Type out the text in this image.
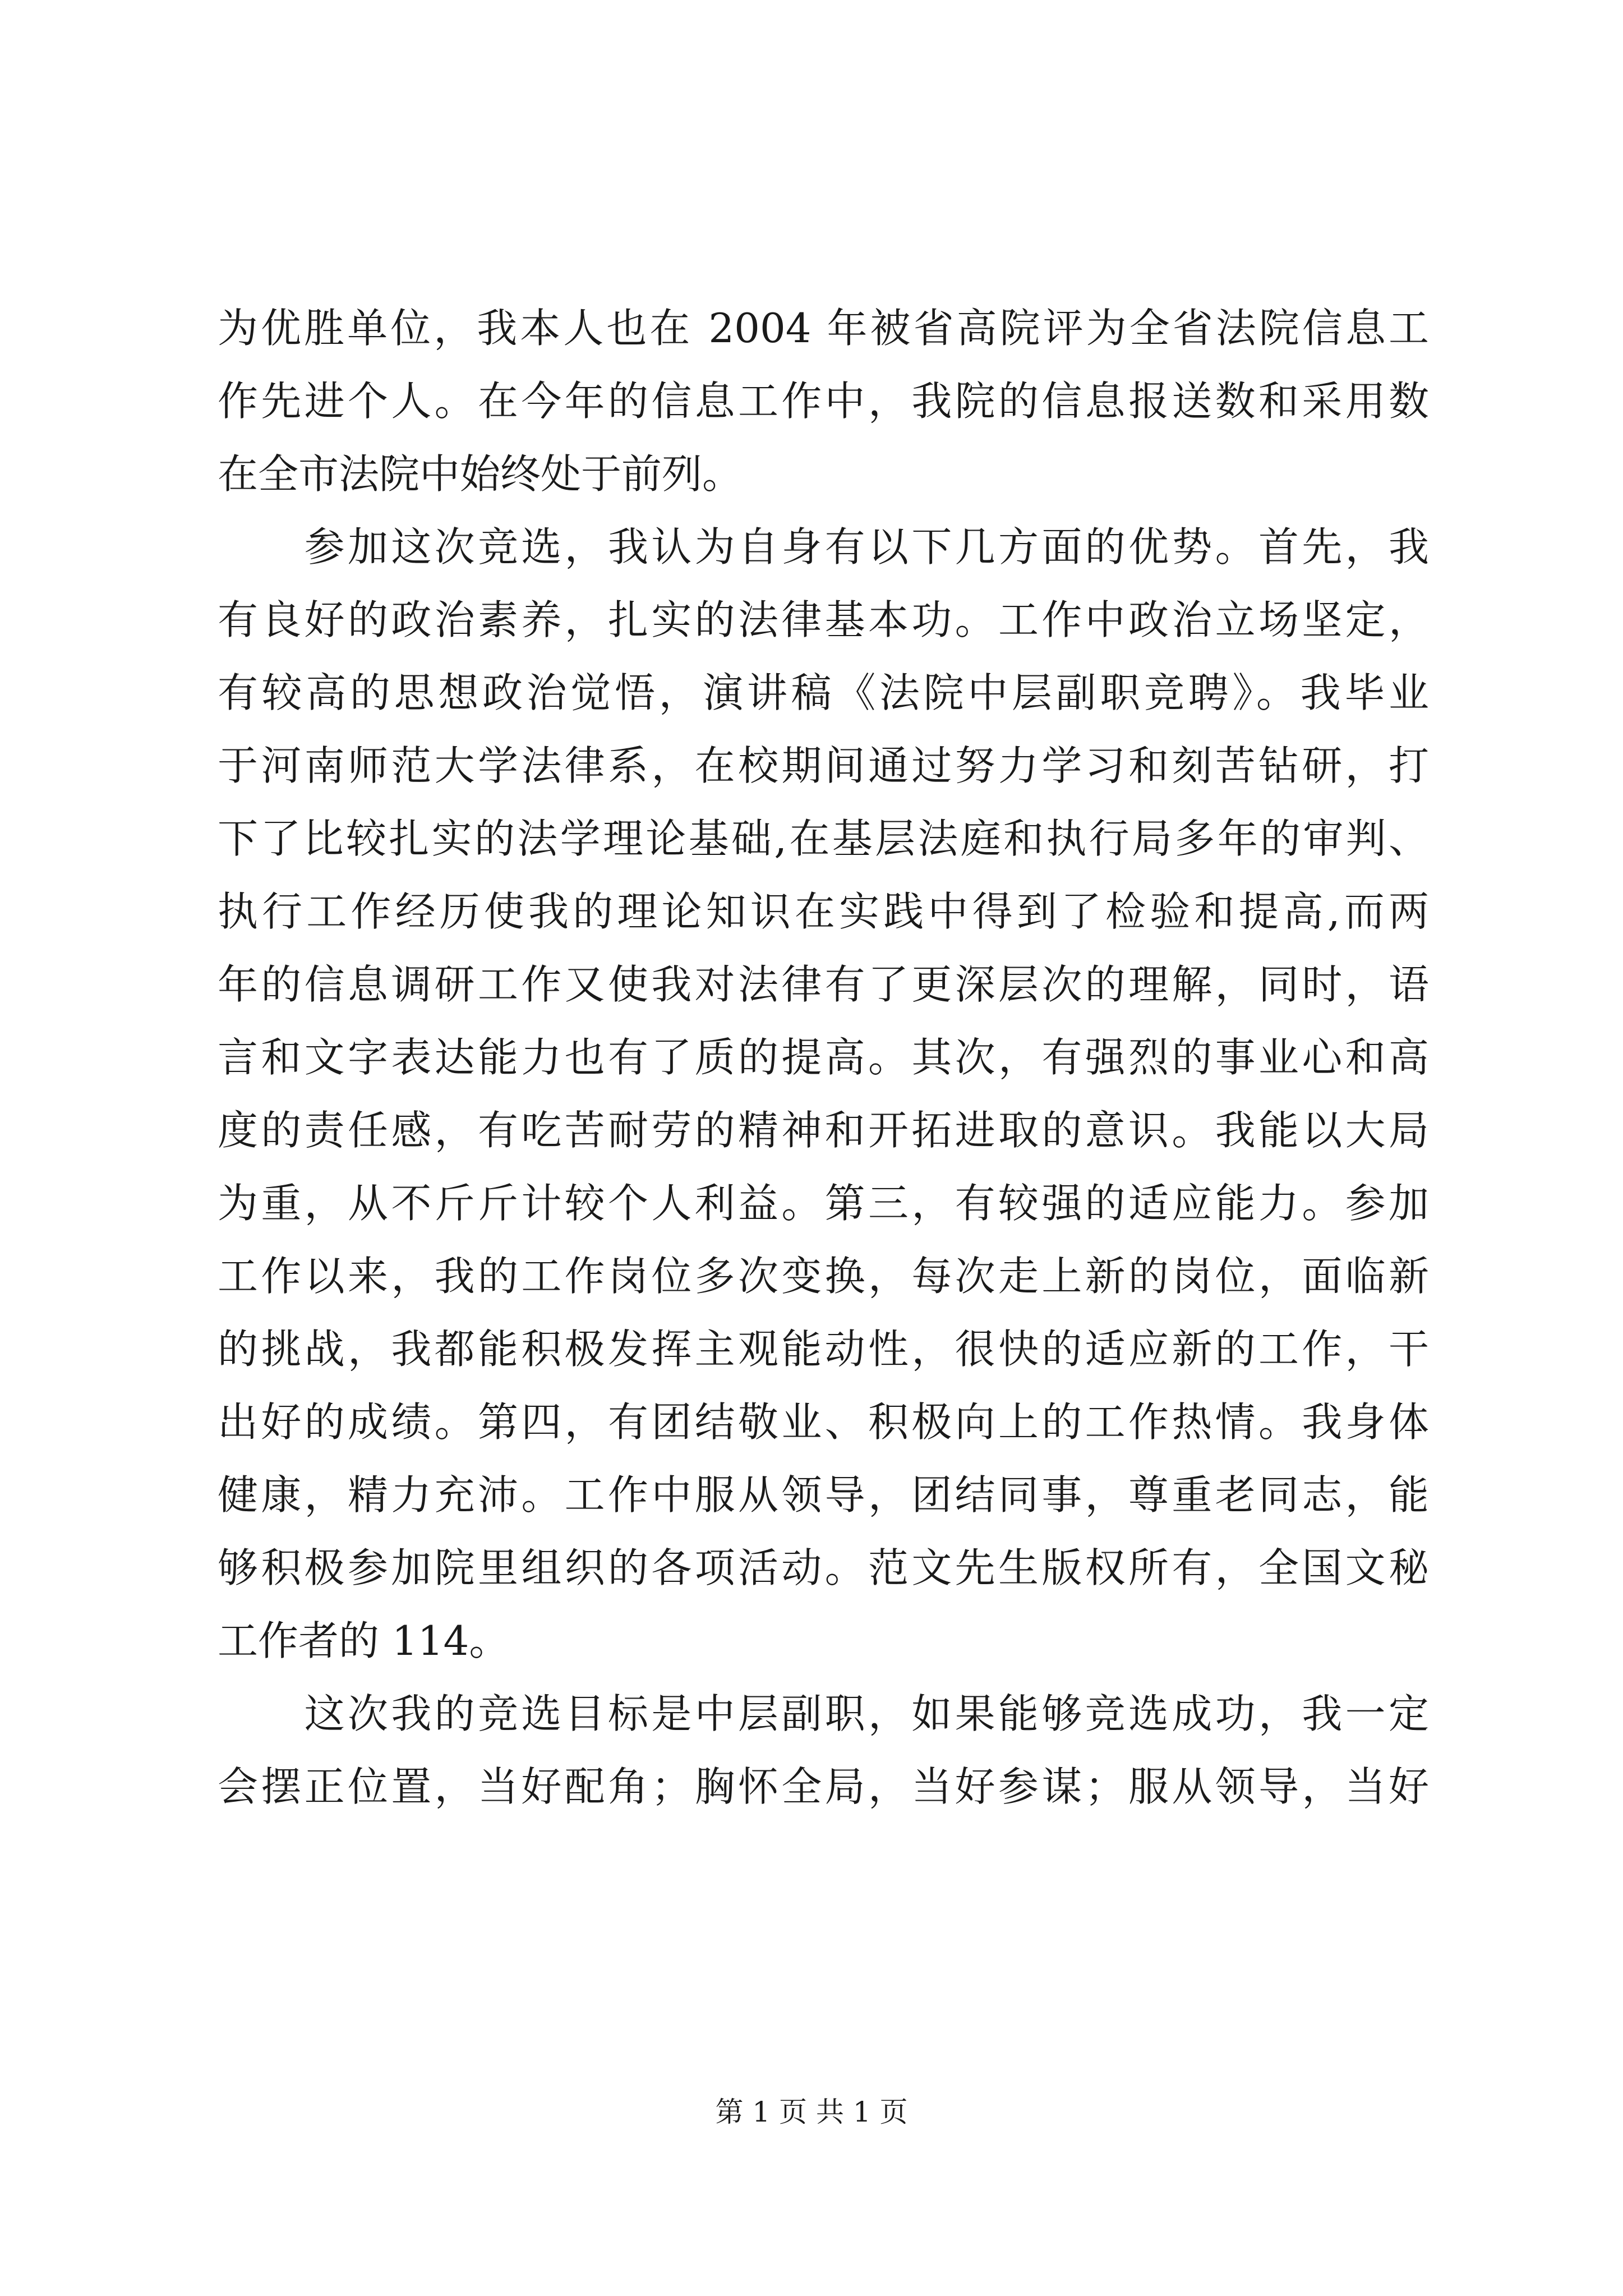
为优胜单位，我本人也在 2004 年被省高院评为全省法院信息工
作先进个人。在今年的信息工作中，我院的信息报送数和采用数
在全市法院中始终处于前列。
　　参加这次竞选，我认为自身有以下几方面的优势。首先，我
有良好的政治素养，扎实的法律基本功。工作中政治立场坚定，
有较高的思想政治觉悟，演讲稿《法院中层副职竞聘》。我毕业
于河南师范大学法律系，在校期间通过努力学习和刻苦钻研，打
下了比较扎实的法学理论基础,在基层法庭和执行局多年的审判、
执行工作经历使我的理论知识在实践中得到了检验和提高,而两
年的信息调研工作又使我对法律有了更深层次的理解，同时，语
言和文字表达能力也有了质的提高。其次，有强烈的事业心和高
度的责任感，有吃苦耐劳的精神和开拓进取的意识。我能以大局
为重，从不斤斤计较个人利益。第三，有较强的适应能力。参加
工作以来，我的工作岗位多次变换，每次走上新的岗位，面临新
的挑战，我都能积极发挥主观能动性，很快的适应新的工作，干
出好的成绩。第四，有团结敬业、积极向上的工作热情。我身体
健康，精力充沛。工作中服从领导，团结同事，尊重老同志，能
够积极参加院里组织的各项活动。范文先生版权所有，全国文秘
工作者的 114。
　　这次我的竞选目标是中层副职，如果能够竞选成功，我一定
会摆正位置，当好配角；胸怀全局，当好参谋；服从领导，当好
第 1 页 共 1 页
